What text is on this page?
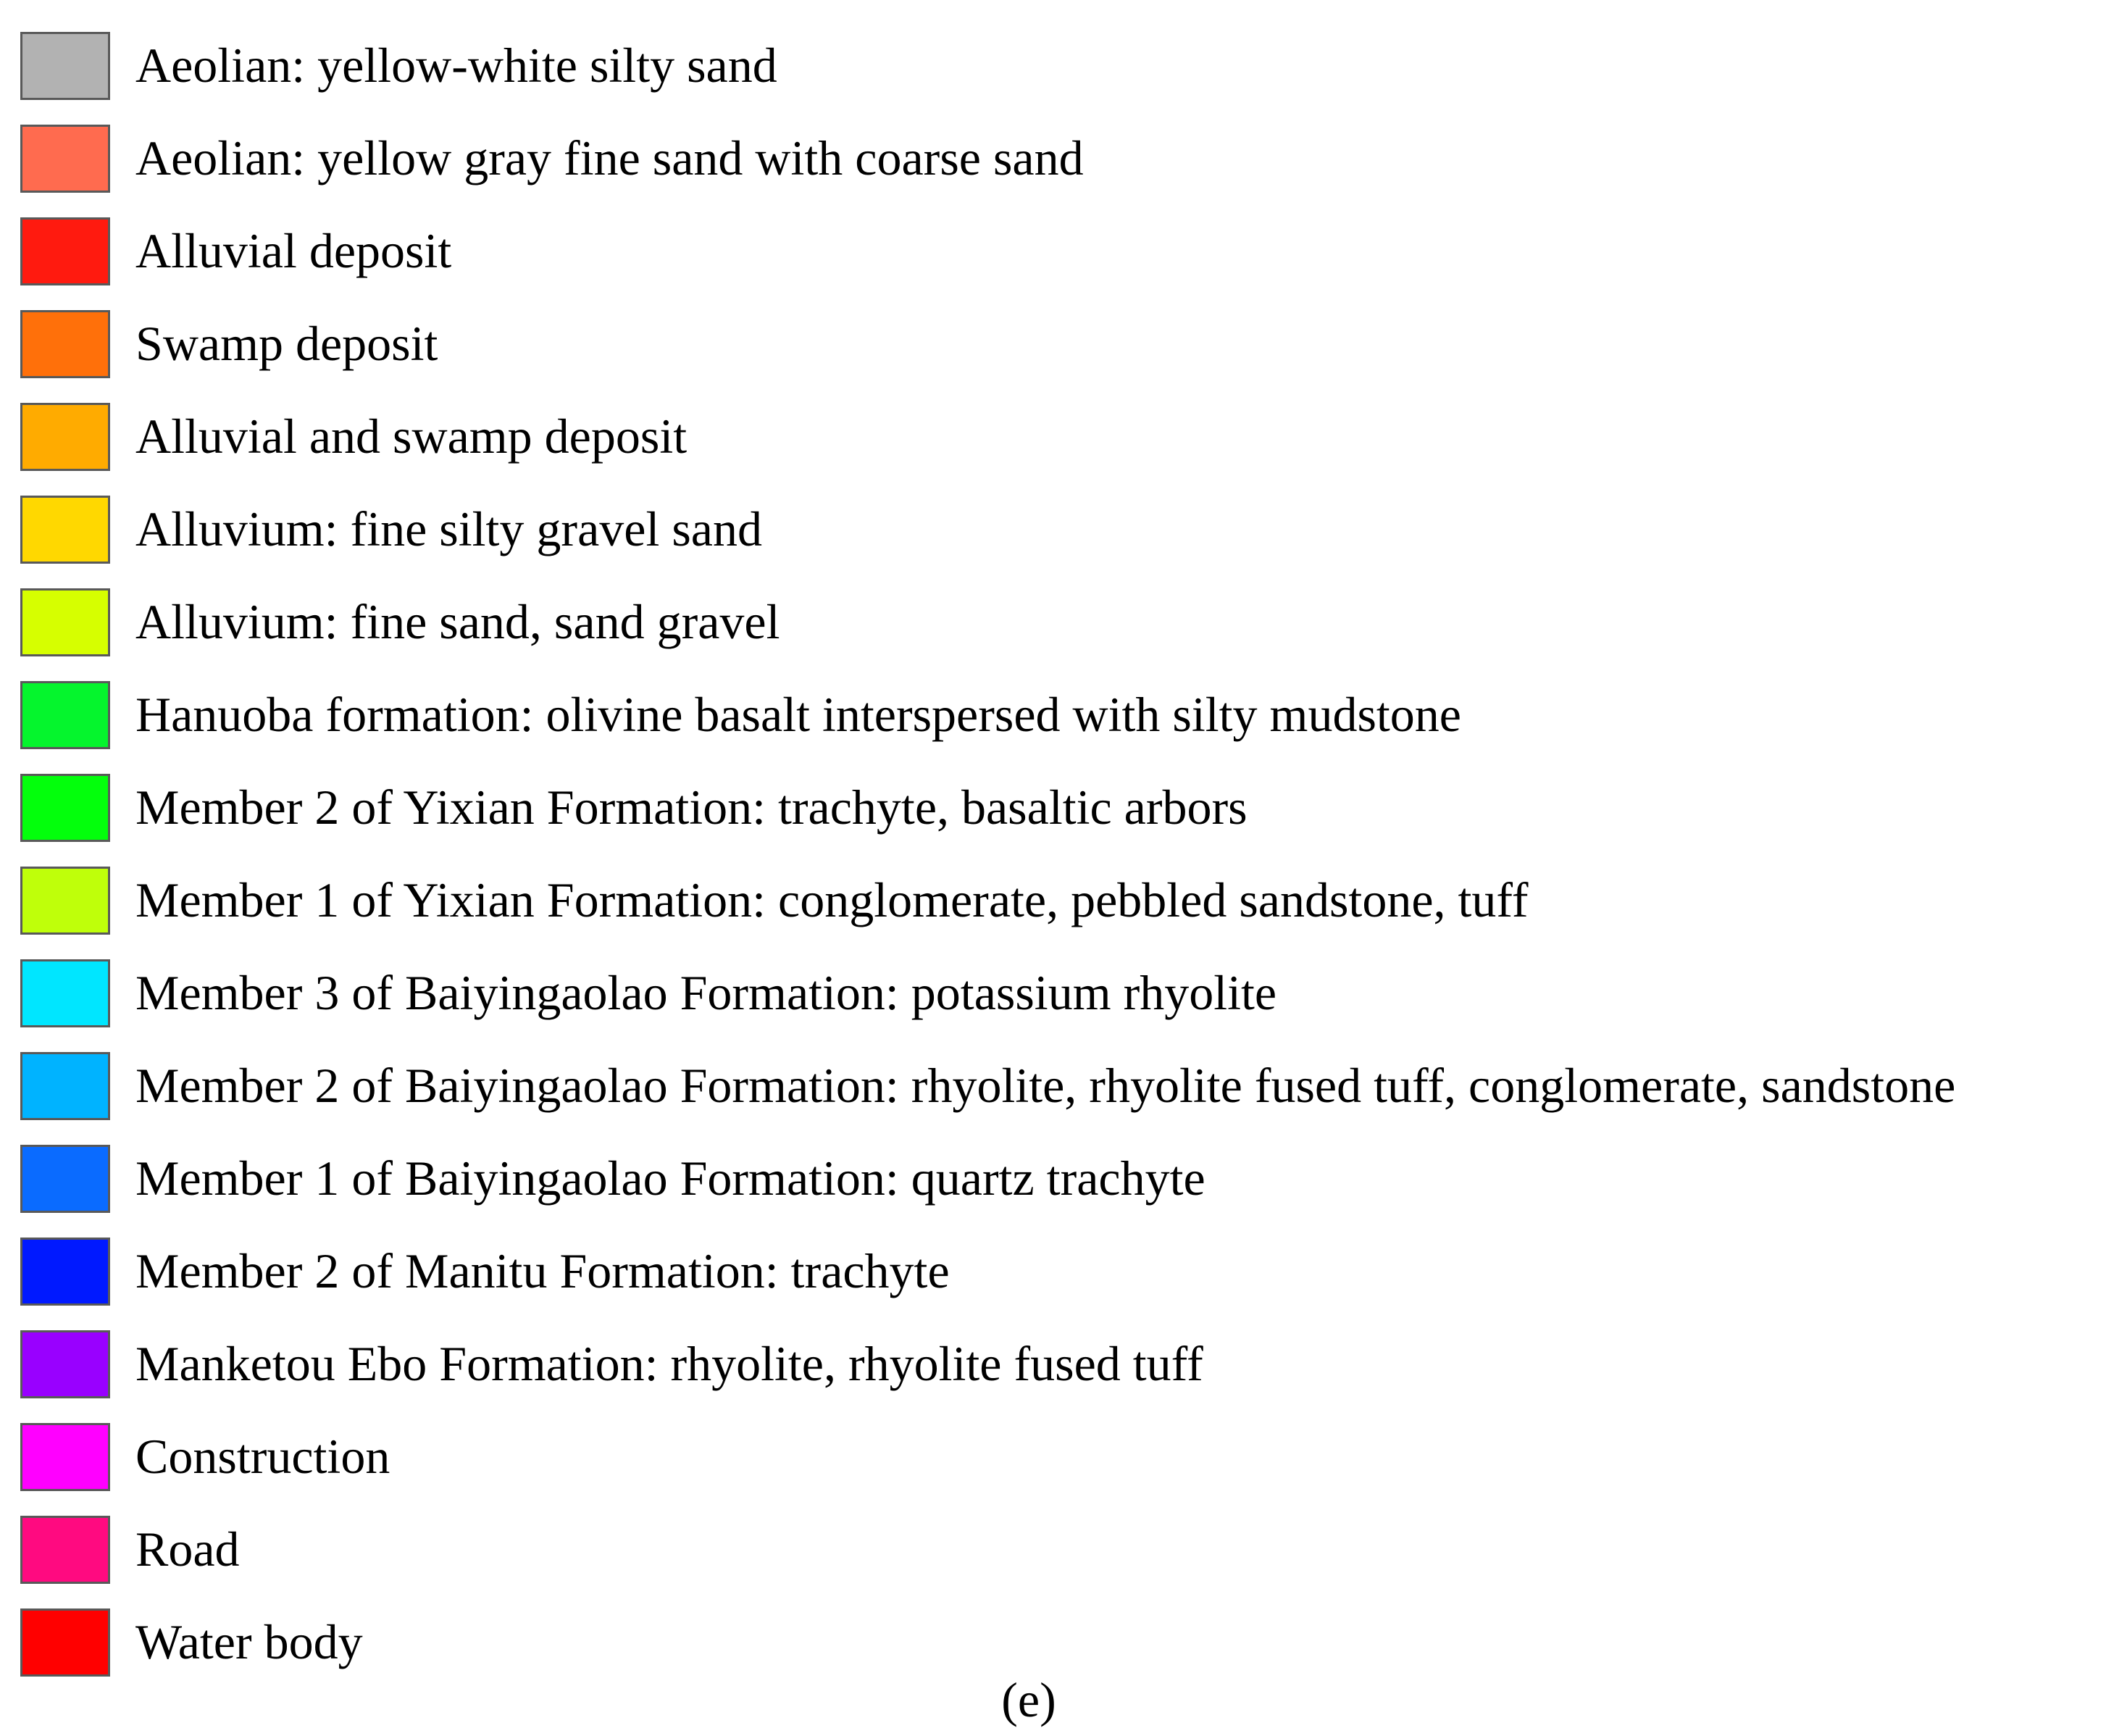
Aeolian: yellow-white silty sand
Aeolian: yellow gray fine sand with coarse sand
Alluvial deposit
Swamp deposit
Alluvial and swamp deposit
Alluvium: fine silty gravel sand
Alluvium: fine sand, sand gravel
Hanuoba formation: olivine basalt interspersed with silty mudstone
Member 2 of Yixian Formation: trachyte, basaltic arbors
Member 1 of Yixian Formation: conglomerate, pebbled sandstone, tuff
Member 3 of Baiyingaolao Formation: potassium rhyolite
Member 2 of Baiyingaolao Formation: rhyolite, rhyolite fused tuff, conglomerate, sandstone
Member 1 of Baiyingaolao Formation: quartz trachyte
Member 2 of Manitu Formation: trachyte
Manketou Ebo Formation: rhyolite, rhyolite fused tuff
Construction
Road
Water body
(e)
